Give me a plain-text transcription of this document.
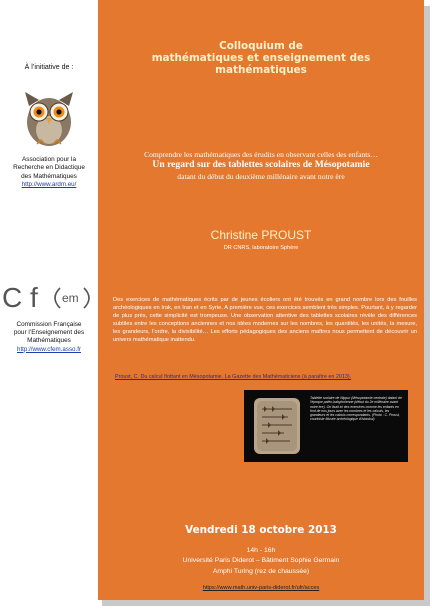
À l’initiative de :
Association pour la
Recherche en Didactique
des Mathématiques
http://www.ardm.eu/
C f em
Commission Française
pour l’Enseignement des
Mathématiques
http://www.cfem.asso.fr
Colloquium de
mathématiques et enseignement des
mathématiques
Comprendre les mathématiques des érudits en observant celles des enfants…
Un regard sur des tablettes scolaires de Mésopotamie
datant du début du deuxième millénaire avant notre ère
Christine PROUST
DR CNRS, laboratoire Sphère
Des exercices de mathématiques écrits par de jeunes écoliers ont été trouvés en grand nombre lors des fouilles archéologiques en Irak, en Iran et en Syrie. A première vue, ces exercices semblent très simples. Pourtant, à y regarder de plus près, cette simplicité est trompeuse. Une observation attentive des tablettes scolaires révèle des différences subtiles entre les conceptions anciennes et nos idées modernes sur les nombres, les quantités, les unités, la mesure, les grandeurs, l’ordre, la divisibilité… Les efforts pédagogiques des anciens maîtres nous permettent de découvrir un univers mathématique inattendu.
Proust, C. Du calcul flottant en Mésopotamie. La Gazette des Mathématiciens (à paraître en 2013).
Tablette scolaire de Nippur (Mésopotamie centrale) datant de l’époque paléo-babylonienne (début du 2e millénaire avant notre ère). On lisait ici des exercices comme les enfants en font de nos jours avec les nombres et les calculs, les grandeurs et les calculs correspondants. (Photo : C. Proust, courtoisie Musée archéologique d’Istanbul)
Vendredi 18 octobre 2013
14h - 16h
Université Paris Diderot – Bâtiment Sophie Germain
Amphi Turing (rez de chaussée)
https://www.math.univ-paris-diderot.fr/ufr/acces
